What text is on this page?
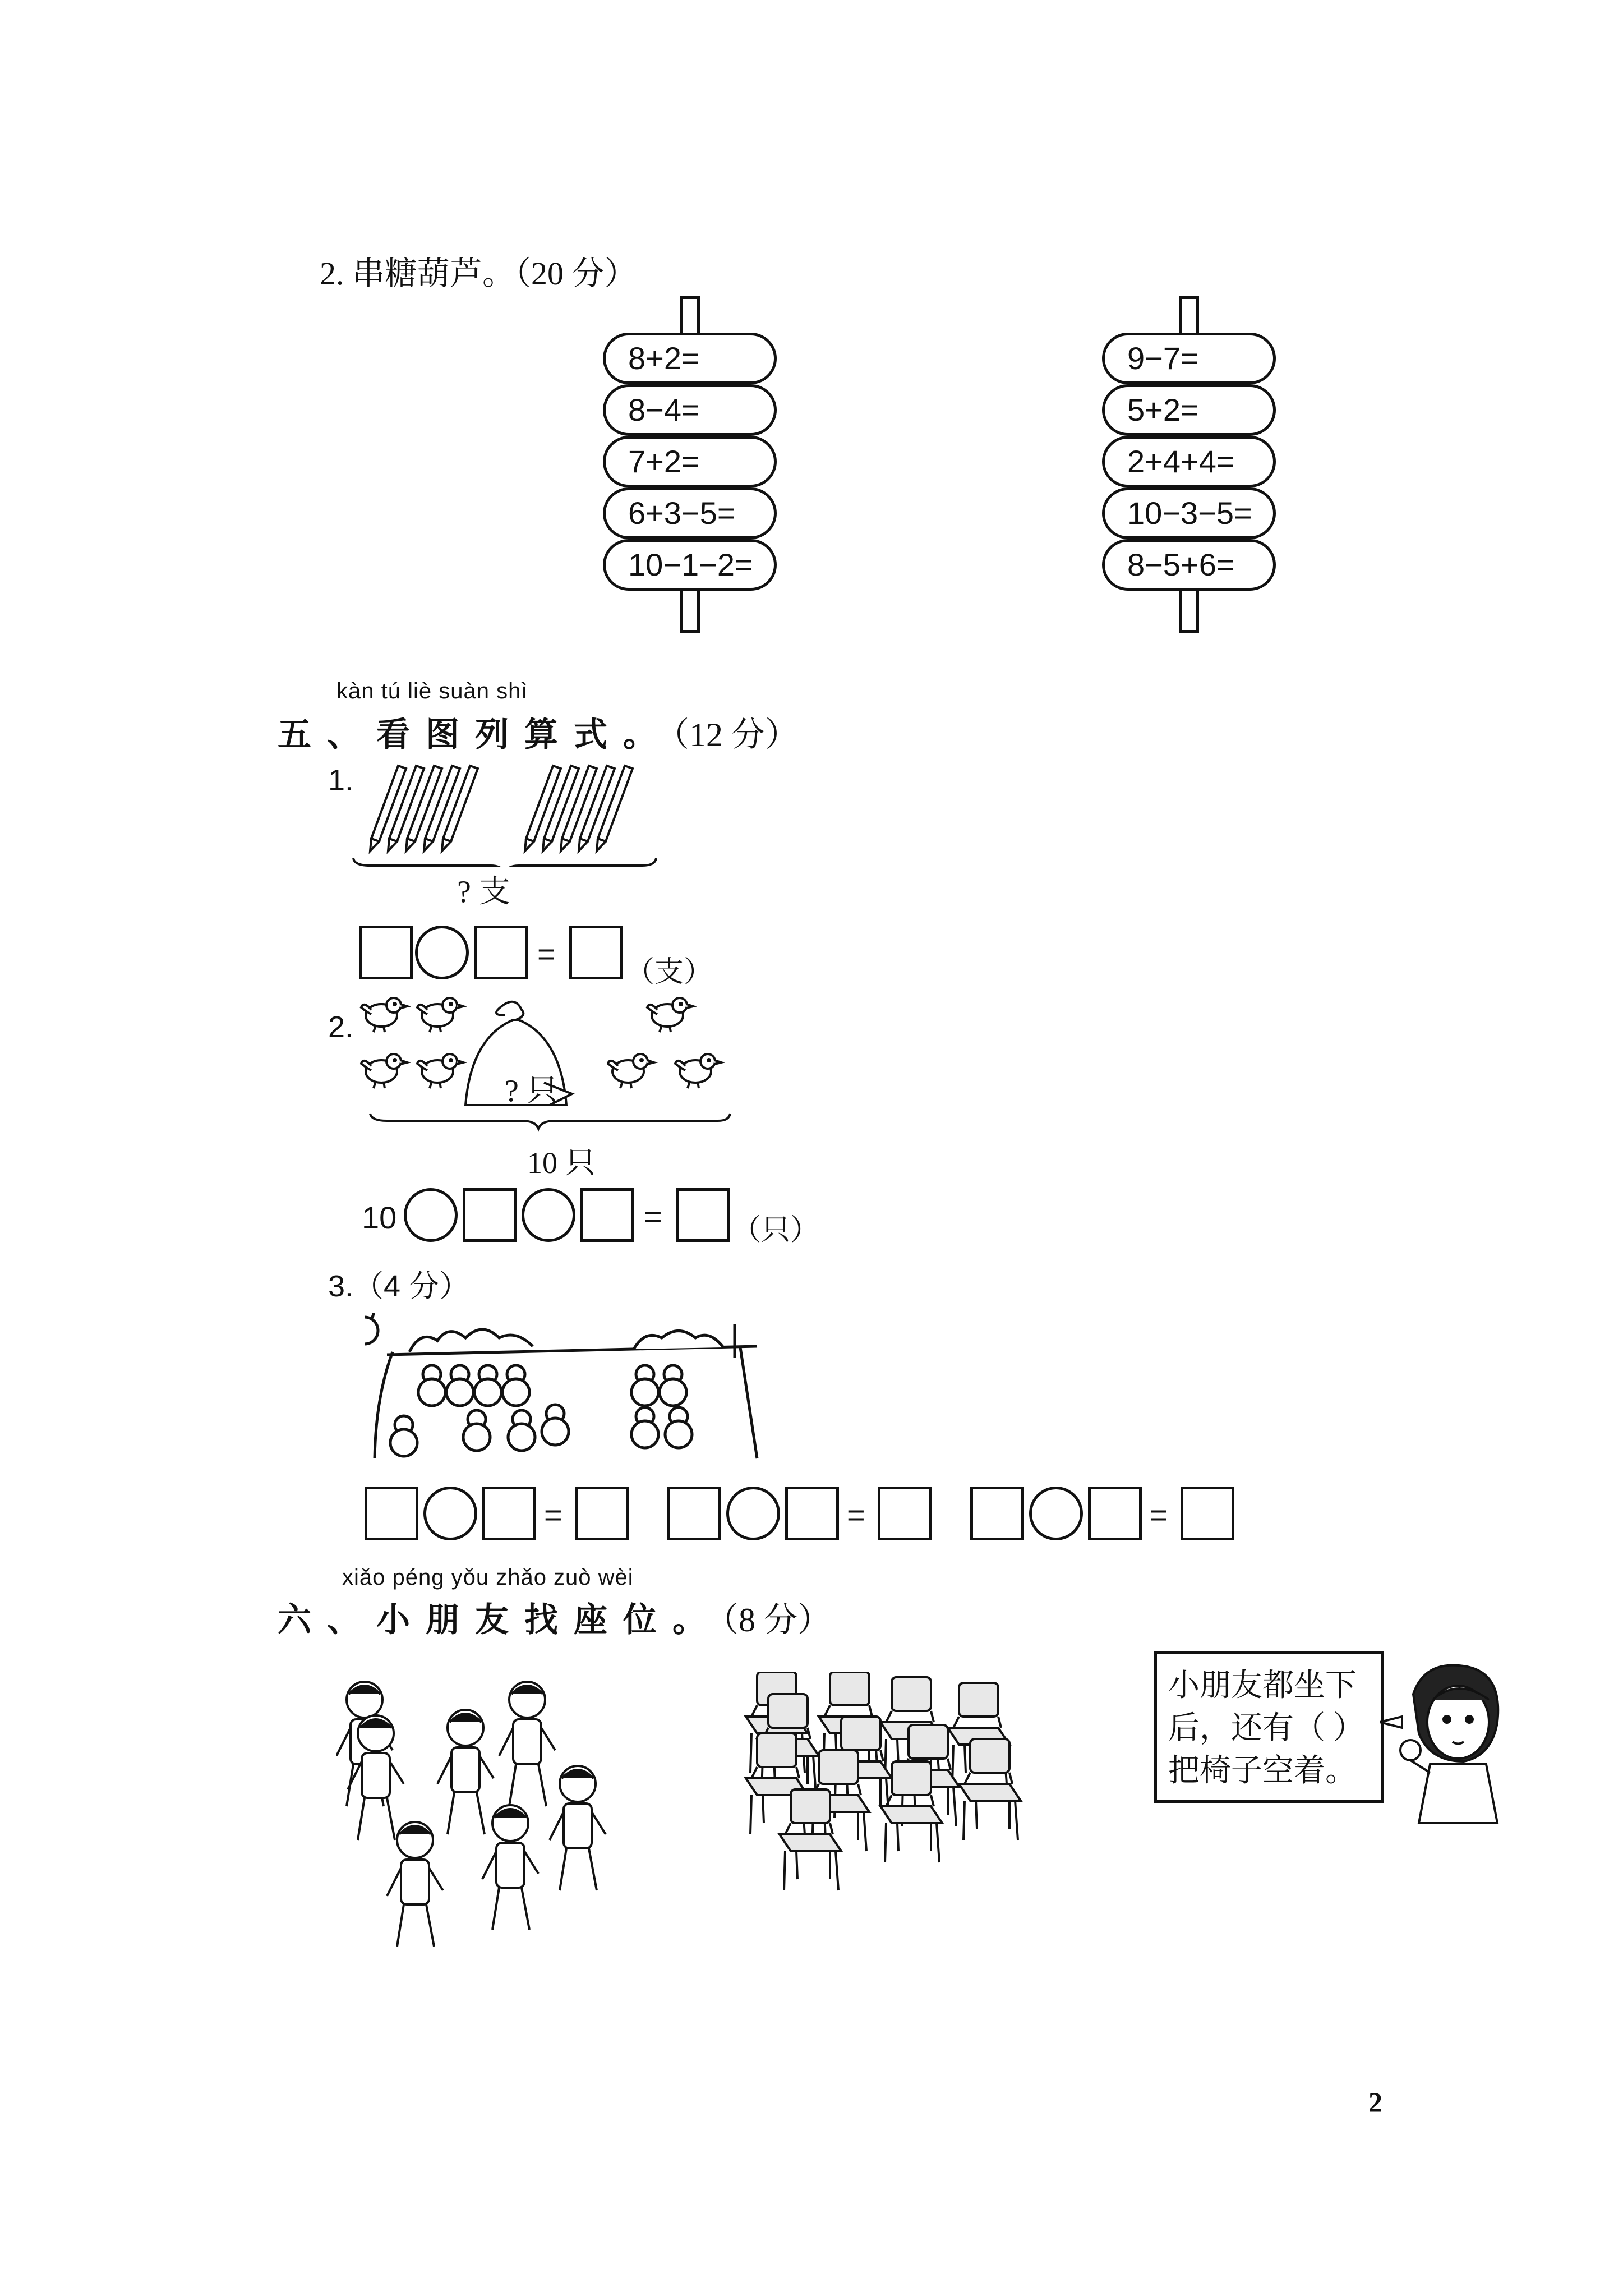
2. 串糖葫芦。（20 分）
8+2=
8−4=
7+2=
6+3−5=
10−1−2=
9−7=
5+2=
2+4+4=
10−3−5=
8−5+6=
kàn tú liè suàn shì
五、看图列算式。（12 分）
1.
? 支
=
（支）
2.
? 只
10 只
10	= （只）
3.（4 分）
=	=	=
xiǎo péng yǒu zhǎo zuò wèi
六、小朋友找座位。（8 分）
小朋友都坐下
后，还有（ ）
把椅子空着。
2
